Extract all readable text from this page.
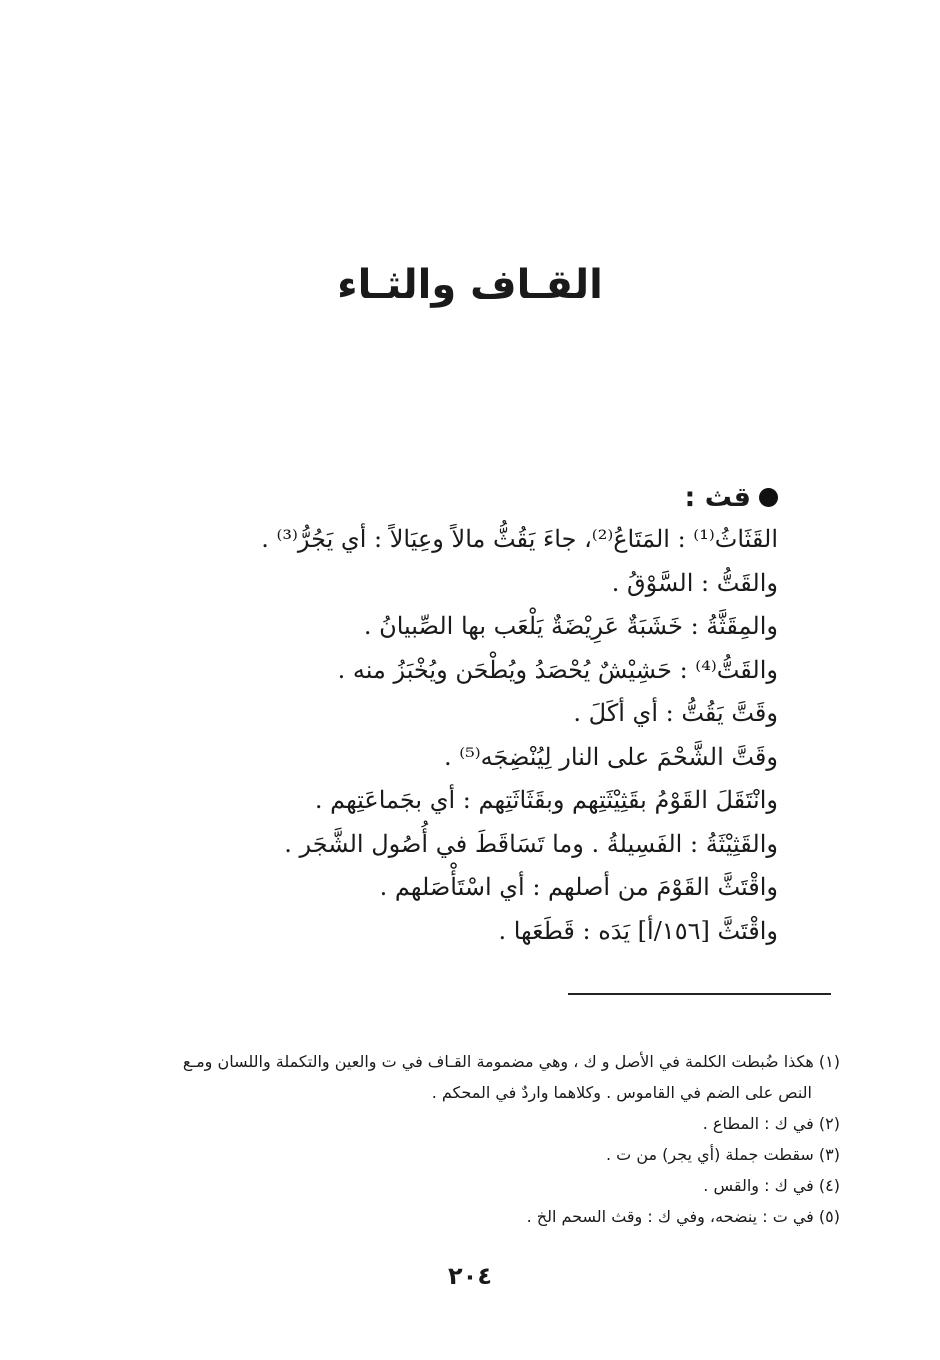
القـاف والثـاء
قث :
القَثَاثُ⁽¹⁾ : المَتَاعُ⁽²⁾، جاءَ يَقُثُّ مالاً وعِيَالاً : أي يَجُرُّ⁽³⁾ .
والقَتُّ : السَّوْقُ .
والمِقَثَّةُ : خَشَبَةٌ عَرِيْضَةٌ يَلْعَب بها الصِّبيانُ .
والقَتُّ⁽⁴⁾ : حَشِيْشٌ يُحْصَدُ ويُطْحَن ويُخْبَزُ منه .
وقَتَّ يَقُتُّ : أي أكَلَ .
وقَتَّ الشَّحْمَ على النار لِيُنْضِجَه⁽⁵⁾ .
وانْتَقَلَ القَوْمُ بقَثِيْثَتِهم وبقَثَاثَتِهم : أي بجَماعَتِهم .
والقَثِيْثَةُ : الفَسِيلةُ . وما تَسَاقَطَ في أُصُول الشَّجَر .
واقْتَثَّ القَوْمَ من أصلهم : أي اسْتَأْصَلهم .
واقْتَثَّ [١٥٦/أ] يَدَه : قَطَعَها .
(١) هكذا ضُبطت الكلمة في الأصل و ك ، وهي مضمومة القـاف في ت والعين والتكملة واللسان ومـع
النص على الضم في القاموس . وكلاهما واردٌ في المحكم .
(٢) في ك : المطاع .
(٣) سقطت جملة (أي يجر) من ت .
(٤) في ك : والقس .
(٥) في ت : ينضحه، وفي ك : وقث السحم الخ .
٢٠٤
